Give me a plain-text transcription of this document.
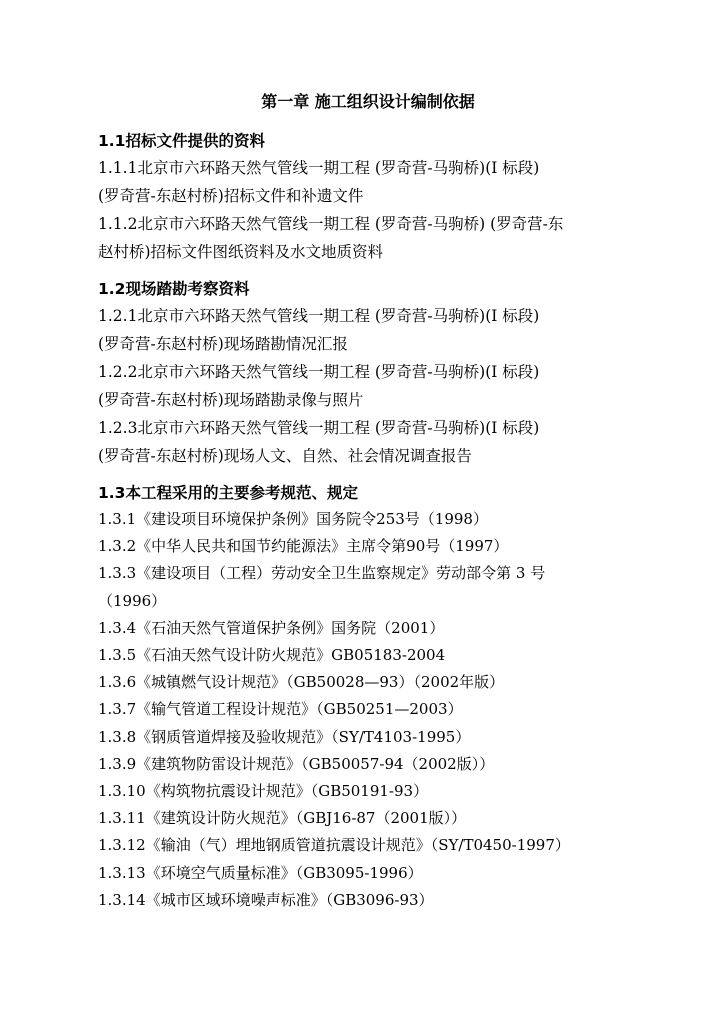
第一章 施工组织设计编制依据
1.1招标文件提供的资料
1.1.1北京市六环路天然气管线一期工程 (罗奇营-马驹桥)(Ⅰ 标段)
(罗奇营-东赵村桥)招标文件和补遗文件
1.1.2北京市六环路天然气管线一期工程 (罗奇营-马驹桥) (罗奇营-东
赵村桥)招标文件图纸资料及水文地质资料
1.2现场踏勘考察资料
1.2.1北京市六环路天然气管线一期工程 (罗奇营-马驹桥)(Ⅰ 标段)
(罗奇营-东赵村桥)现场踏勘情况汇报
1.2.2北京市六环路天然气管线一期工程 (罗奇营-马驹桥)(Ⅰ 标段)
(罗奇营-东赵村桥)现场踏勘录像与照片
1.2.3北京市六环路天然气管线一期工程 (罗奇营-马驹桥)(Ⅰ 标段)
(罗奇营-东赵村桥)现场人文、自然、社会情况调查报告
1.3本工程采用的主要参考规范、规定
1.3.1《建设项目环境保护条例》国务院令253号（1998）
1.3.2《中华人民共和国节约能源法》主席令第90号（1997）
1.3.3《建设项目（工程）劳动安全卫生监察规定》劳动部令第 3 号
（1996）
1.3.4《石油天然气管道保护条例》国务院（2001）
1.3.5《石油天然气设计防火规范》GB05183-2004
1.3.6《城镇燃气设计规范》（GB50028—93）（2002年版）
1.3.7《输气管道工程设计规范》（GB50251—2003）
1.3.8《钢质管道焊接及验收规范》（SY/T4103-1995）
1.3.9《建筑物防雷设计规范》（GB50057-94（2002版））
1.3.10《构筑物抗震设计规范》（GB50191-93）
1.3.11《建筑设计防火规范》（GBJ16-87（2001版））
1.3.12《输油（气）埋地钢质管道抗震设计规范》（SY/T0450-1997）
1.3.13《环境空气质量标准》（GB3095-1996）
1.3.14《城市区域环境噪声标准》（GB3096-93）
